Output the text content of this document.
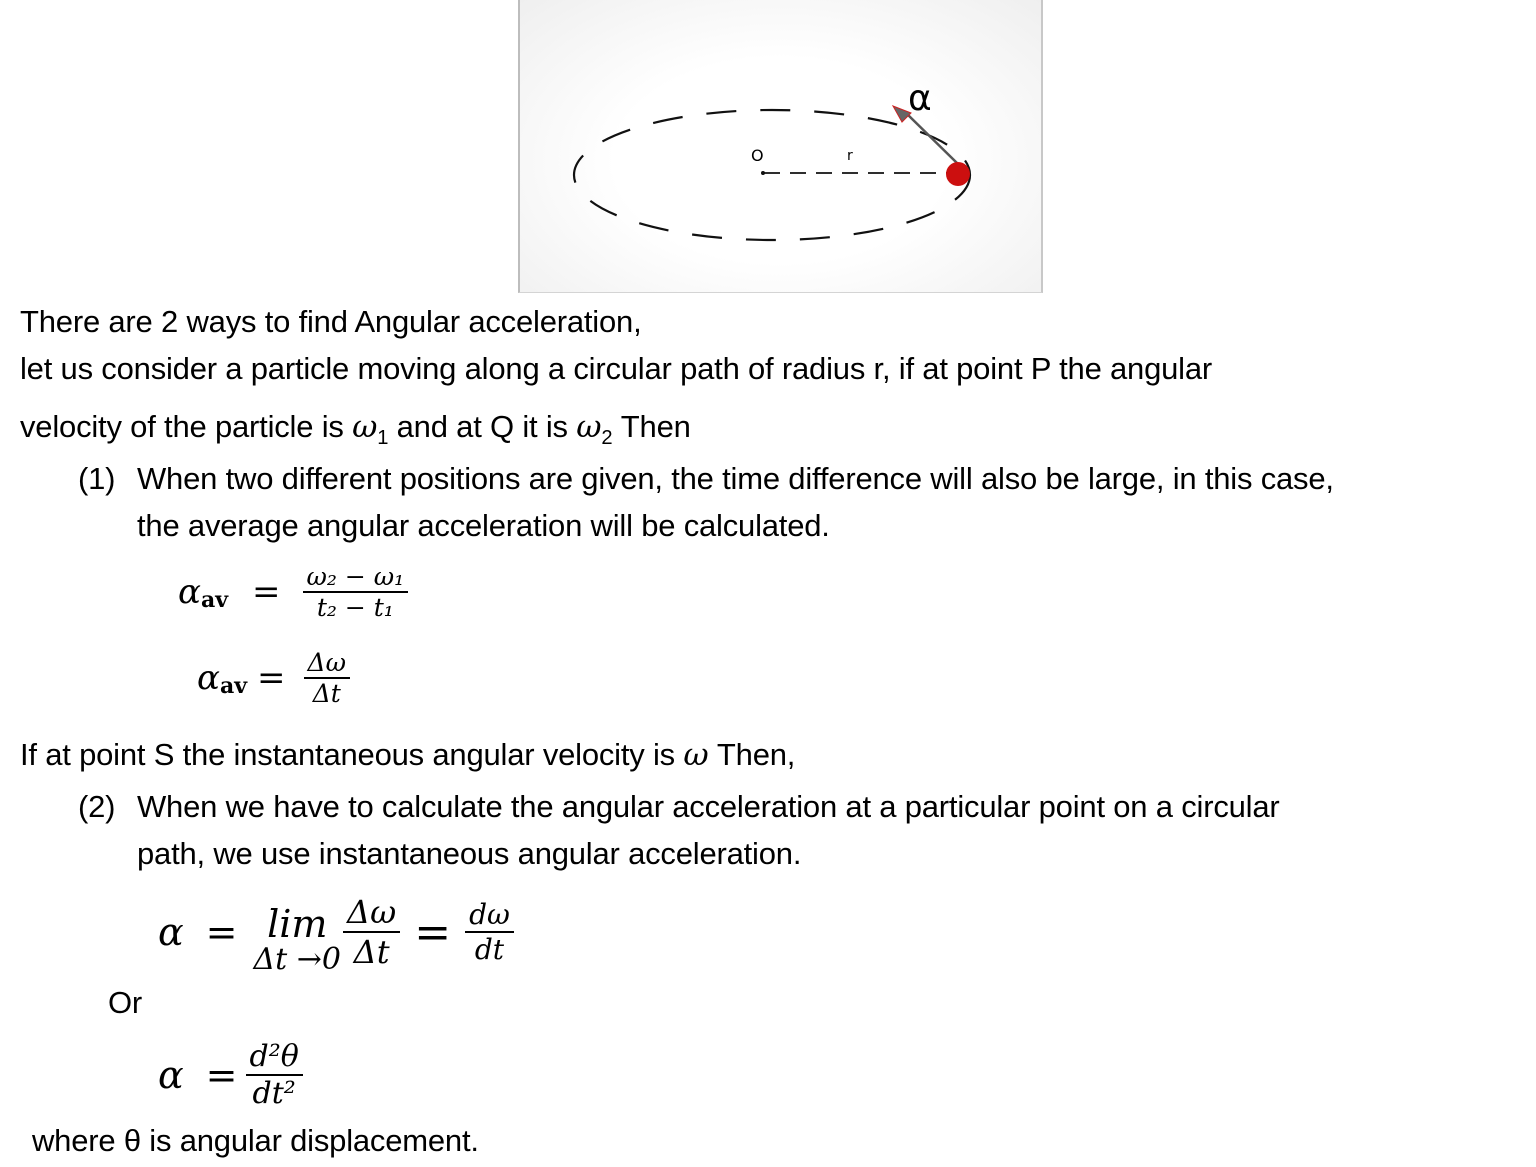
α
O	r
There are 2 ways to find Angular acceleration,
let us consider a particle moving along a circular path of radius r, if at point P the angular
velocity of the particle is $\omega_1$ and at Q it is $\omega_2$ Then
(1) When two different positions are given, the time difference will also be large, in this case,
the average angular acceleration will be calculated.
$\alpha_{av} = \frac{\text{ω₂ − ω₁}}{\text{t₂ − t₁}}$
$\alpha_{av} = \frac{\Delta\omega}{\Delta t}$
If at point S the instantaneous angular velocity is ω Then,
(2) When we have to calculate the angular acceleration at a particular point on a circular
path, we use instantaneous angular acceleration.
α = lim
$\Delta t \to 0 \frac{\Delta\omega}{\Delta t} = \frac{d\omega}{dt}$
Or
$\alpha = \frac{\text{d²θ}}{\text{dt²}}$
where θ is angular displacement.
